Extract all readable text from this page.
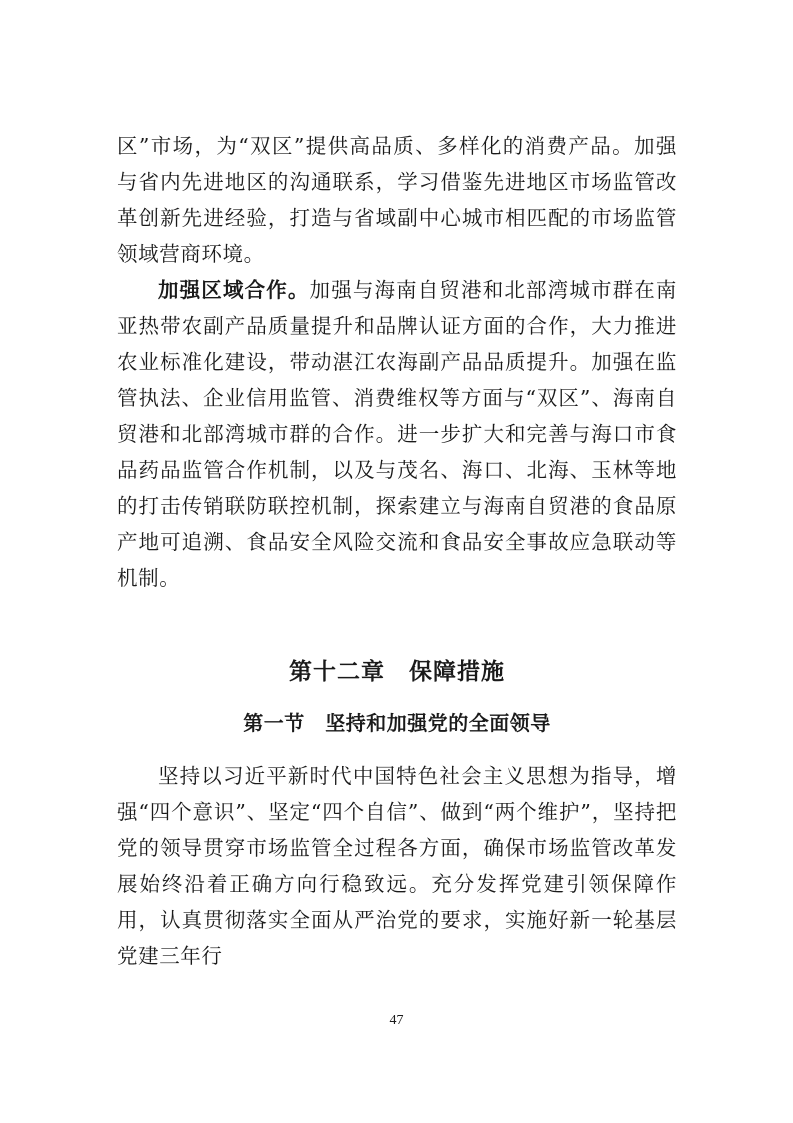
区”市场，为“双区”提供高品质、多样化的消费产品。加强与省内先进地区的沟通联系，学习借鉴先进地区市场监管改革创新先进经验，打造与省域副中心城市相匹配的市场监管领域营商环境。

加强区域合作。加强与海南自贸港和北部湾城市群在南亚热带农副产品质量提升和品牌认证方面的合作，大力推进农业标准化建设，带动湛江农海副产品品质提升。加强在监管执法、企业信用监管、消费维权等方面与“双区”、海南自贸港和北部湾城市群的合作。进一步扩大和完善与海口市食品药品监管合作机制，以及与茂名、海口、北海、玉林等地的打击传销联防联控机制，探索建立与海南自贸港的食品原产地可追溯、食品安全风险交流和食品安全事故应急联动等机制。

第十二章　保障措施
第一节　坚持和加强党的全面领导

坚持以习近平新时代中国特色社会主义思想为指导，增强“四个意识”、坚定“四个自信”、做到“两个维护”，坚持把党的领导贯穿市场监管全过程各方面，确保市场监管改革发展始终沿着正确方向行稳致远。充分发挥党建引领保障作用，认真贯彻落实全面从严治党的要求，实施好新一轮基层党建三年行

47
